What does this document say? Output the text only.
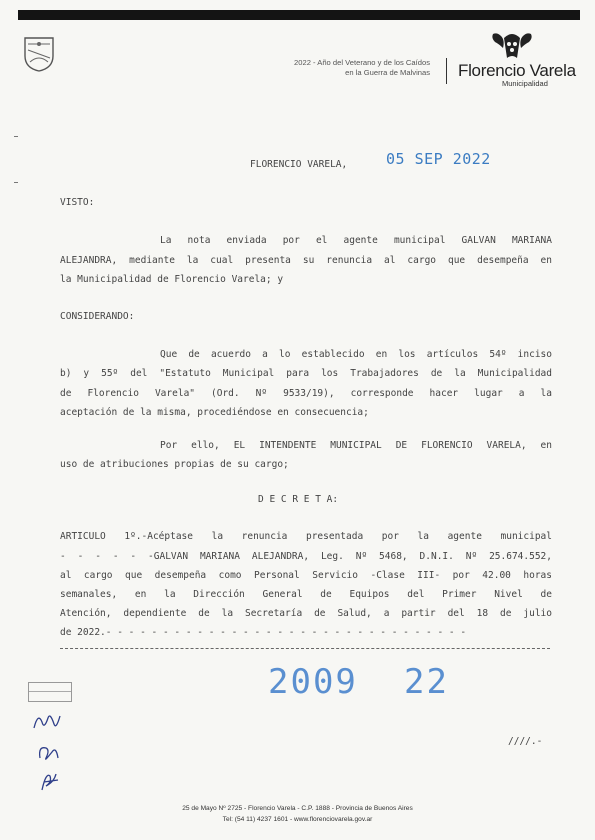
2022 - Año del Veterano y de los Caídos
en la Guerra de Malvinas Florencio Varela
Municipalidad
FLORENCIO VARELA,	05 SEP 2022
VISTO:
La nota enviada por el agente municipal GALVAN MARIANA
ALEJANDRA, mediante la cual presenta su renuncia al cargo que desempeña en
la Municipalidad de Florencio Varela; y
CONSIDERANDO:
Que de acuerdo a lo establecido en los artículos 54º inciso
b) y 55º del "Estatuto Municipal para los Trabajadores de la Municipalidad
de Florencio Varela" (Ord. Nº 9533/19), corresponde hacer lugar a la
aceptación de la misma, procediéndose en consecuencia;
Por ello, EL INTENDENTE MUNICIPAL DE FLORENCIO VARELA, en
uso de atribuciones propias de su cargo;
D E C R E T A:
ARTICULO 1º.-Acéptase la renuncia presentada por la agente municipal
- - - - - -GALVAN MARIANA ALEJANDRA, Leg. Nº 5468, D.N.I. Nº 25.674.552,
al cargo que desempeña como Personal Servicio -Clase III- por 42.00 horas
semanales, en la Dirección General de Equipos del Primer Nivel de
Atención, dependiente de la Secretaría de Salud, a partir del 18 de julio
de 2022.- - - - - - - - - - - - - - - - - - - - - - - - - - - - - - - -
2009 22
////.-
25 de Mayo Nº 2725 - Florencio Varela - C.P. 1888 - Provincia de Buenos Aires
Tel: (54 11) 4237 1601 - www.florenciovarela.gov.ar
